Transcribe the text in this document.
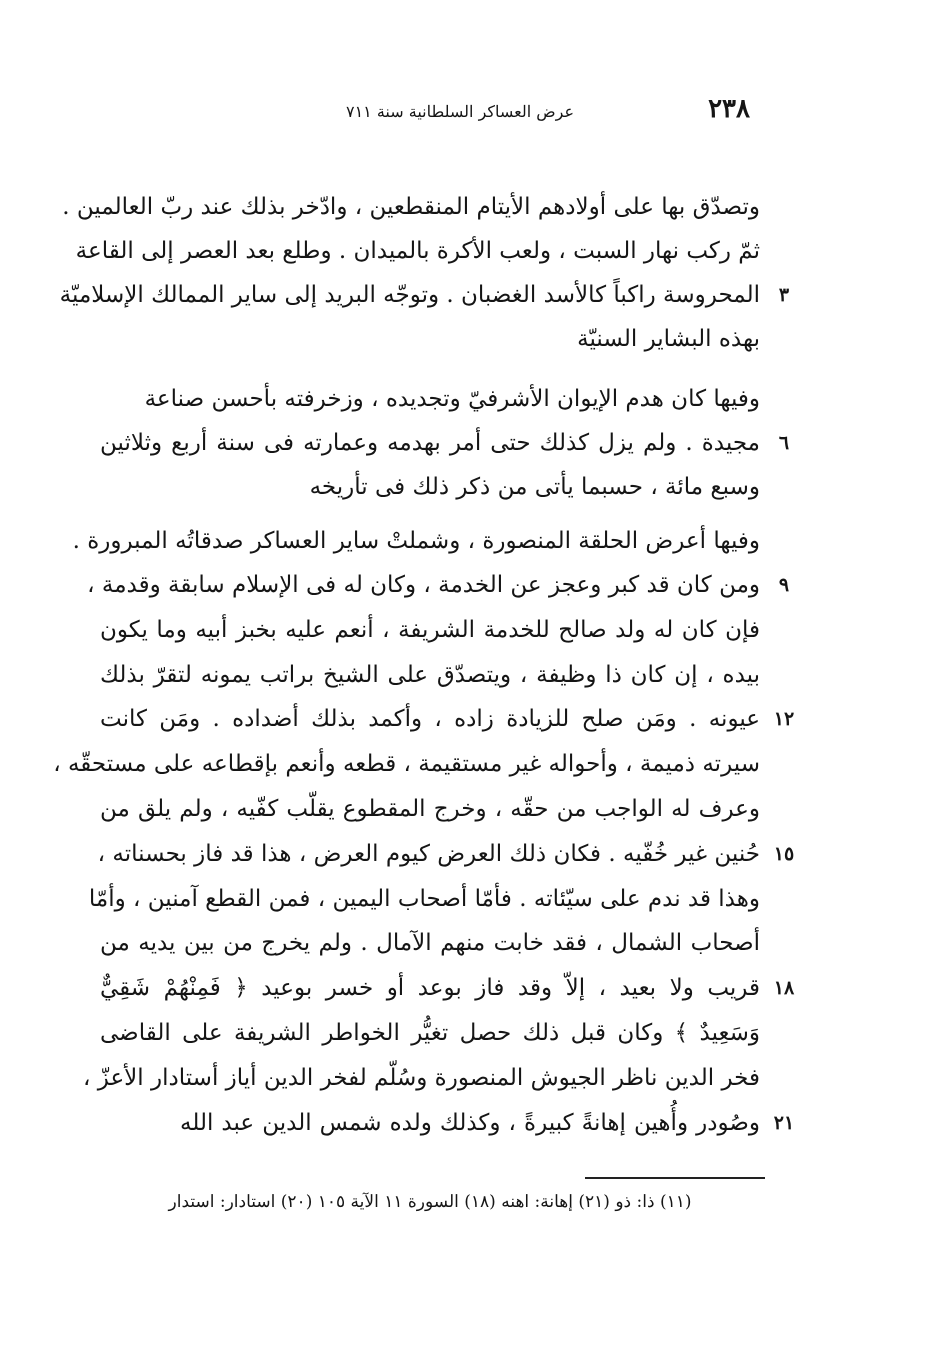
عرض العساكر السلطانية سنة ٧١١	٢٣٨
وتصدّق بها على أولادهم الأيتام المنقطعين ، وادّخر بذلك عند ربّ العالمين .
ثمّ ركب نهار السبت ، ولعب الأكرة بالميدان . وطلع بعد العصر إلى القاعة
المحروسة راكباً كالأسد الغضبان . وتوجّه البريد إلى ساير الممالك الإسلاميّة
بهذه البشاير السنيّة
وفيها كان هدم الإيوان الأشرفيّ وتجديده ، وزخرفته بأحسن صناعة
مجيدة . ولم يزل كذلك حتى أمر بهدمه وعمارته فى سنة أربع وثلاثين
وسبع مائة ، حسبما يأتى من ذكر ذلك فى تأريخه
وفيها أعرض الحلقة المنصورة ، وشملتْ ساير العساكر صدقاتُه المبرورة .
ومن كان قد كبر وعجز عن الخدمة ، وكان له فى الإسلام سابقة وقدمة ،
فإن كان له ولد صالح للخدمة الشريفة ، أنعم عليه بخبز أبيه وما يكون
بيده ، إن كان ذا وظيفة ، ويتصدّق على الشيخ براتب يمونه لتقرّ بذلك
عيونه . ومَن صلح للزيادة زاده ، وأكمد بذلك أضداده . ومَن كانت
سيرته ذميمة ، وأحواله غير مستقيمة ، قطعه وأنعم بإقطاعه على مستحقّه ،
وعرف له الواجب من حقّه ، وخرج المقطوع يقلّب كفّيه ، ولم يلق من
حُنين غير خُفّيه . فكان ذلك العرض كيوم العرض ، هذا قد فاز بحسناته ،
وهذا قد ندم على سيّئاته . فأمّا أصحاب اليمين ، فمن القطع آمنين ، وأمّا
أصحاب الشمال ، فقد خابت منهم الآمال . ولم يخرج من بين يديه من
قريب ولا بعيد ، إلاّ وقد فاز بوعد أو خسر بوعيد ﴿ فَمِنْهُمْ شَقِيٌّ
وَسَعِيدٌ ﴾ وكان قبل ذلك حصل تغيُّر الخواطر الشريفة على القاضى
فخر الدين ناظر الجيوش المنصورة وسُلّم لفخر الدين أياز أستادار الأعزّ ،
وصُودر وأُهين إهانةً كبيرةً ، وكذلك ولده شمس الدين عبد الله
٣
٦
٩
١٢
١٥
١٨
٢١
(١١) ذا: ذو (٢١) إهانة: اهنه (١٨) السورة ١١ الآية ١٠٥ (٢٠) استادار: استدار
